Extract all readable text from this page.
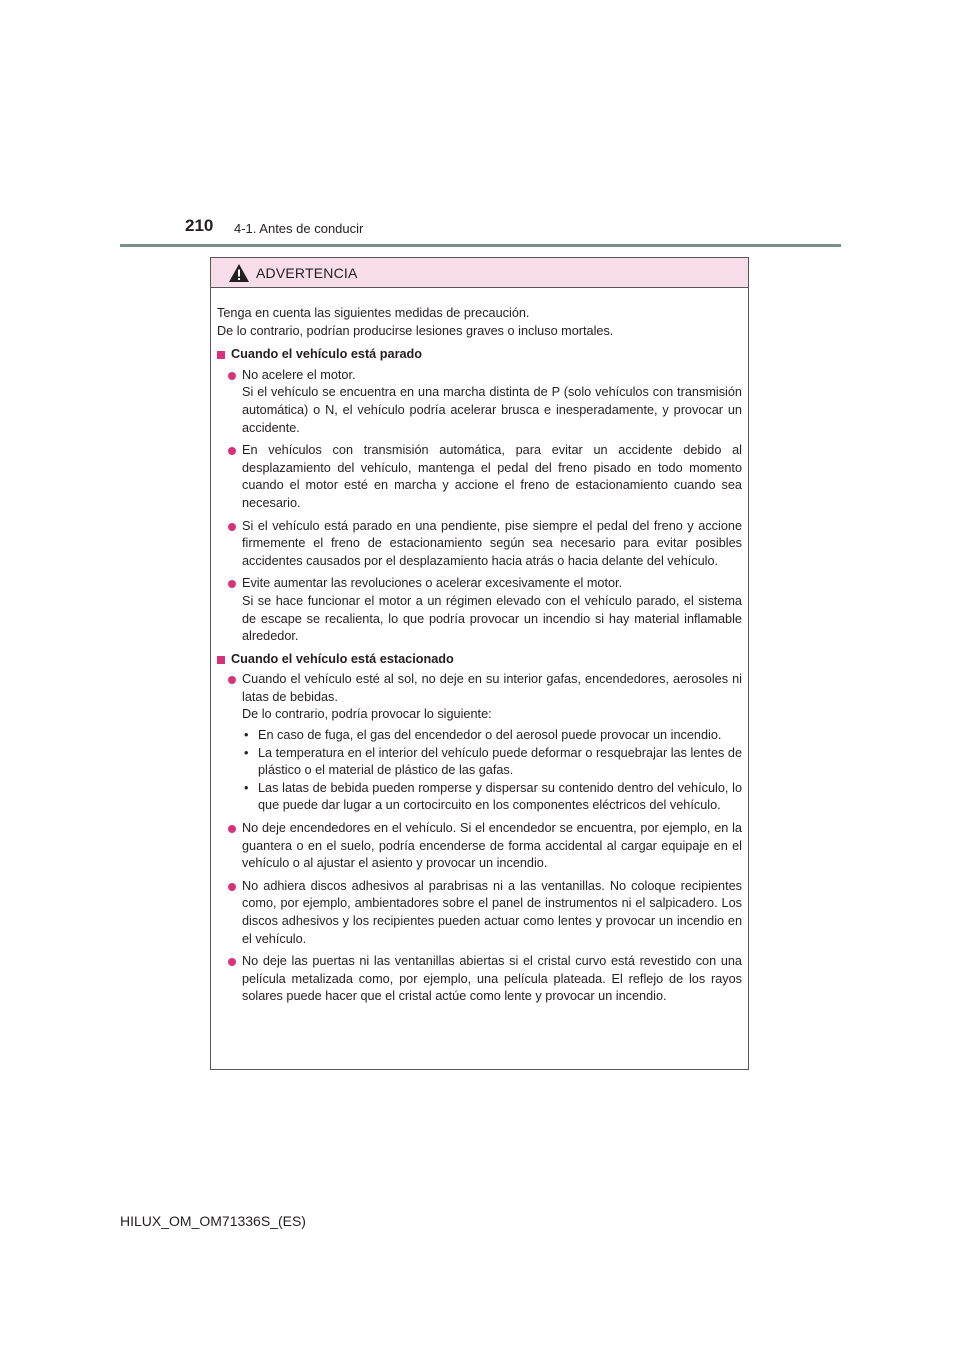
210 4-1. Antes de conducir
ADVERTENCIA

Tenga en cuenta las siguientes medidas de precaución.

De lo contrario, podrían producirse lesiones graves o incluso mortales.

Cuando el vehículo está parado

No acelere el motor.

Si el vehículo se encuentra en una marcha distinta de P (solo vehículos con transmisión automática) o N, el vehículo podría acelerar brusca e inesperadamente, y provocar un accidente.

En vehículos con transmisión automática, para evitar un accidente debido al desplazamiento del vehículo, mantenga el pedal del freno pisado en todo momento cuando el motor esté en marcha y accione el freno de estacionamiento cuando sea necesario.

Si el vehículo está parado en una pendiente, pise siempre el pedal del freno y accione firmemente el freno de estacionamiento según sea necesario para evitar posibles accidentes causados por el desplazamiento hacia atrás o hacia delante del vehículo.

Evite aumentar las revoluciones o acelerar excesivamente el motor.

Si se hace funcionar el motor a un régimen elevado con el vehículo parado, el sistema de escape se recalienta, lo que podría provocar un incendio si hay material inflamable alrededor.

Cuando el vehículo está estacionado

Cuando el vehículo esté al sol, no deje en su interior gafas, encendedores, aerosoles ni latas de bebidas.

De lo contrario, podría provocar lo siguiente:

• En caso de fuga, el gas del encendedor o del aerosol puede provocar un incendio.
• La temperatura en el interior del vehículo puede deformar o resquebrajar las lentes de plástico o el material de plástico de las gafas.
• Las latas de bebida pueden romperse y dispersar su contenido dentro del vehículo, lo que puede dar lugar a un cortocircuito en los componentes eléctricos del vehículo.

No deje encendedores en el vehículo. Si el encendedor se encuentra, por ejemplo, en la guantera o en el suelo, podría encenderse de forma accidental al cargar equipaje en el vehículo o al ajustar el asiento y provocar un incendio.

No adhiera discos adhesivos al parabrisas ni a las ventanillas. No coloque recipientes como, por ejemplo, ambientadores sobre el panel de instrumentos ni el salpicadero. Los discos adhesivos y los recipientes pueden actuar como lentes y provocar un incendio en el vehículo.

No deje las puertas ni las ventanillas abiertas si el cristal curvo está revestido con una película metalizada como, por ejemplo, una película plateada. El reflejo de los rayos solares puede hacer que el cristal actúe como lente y provocar un incendio.

HILUX_OM_OM71336S_(ES)
